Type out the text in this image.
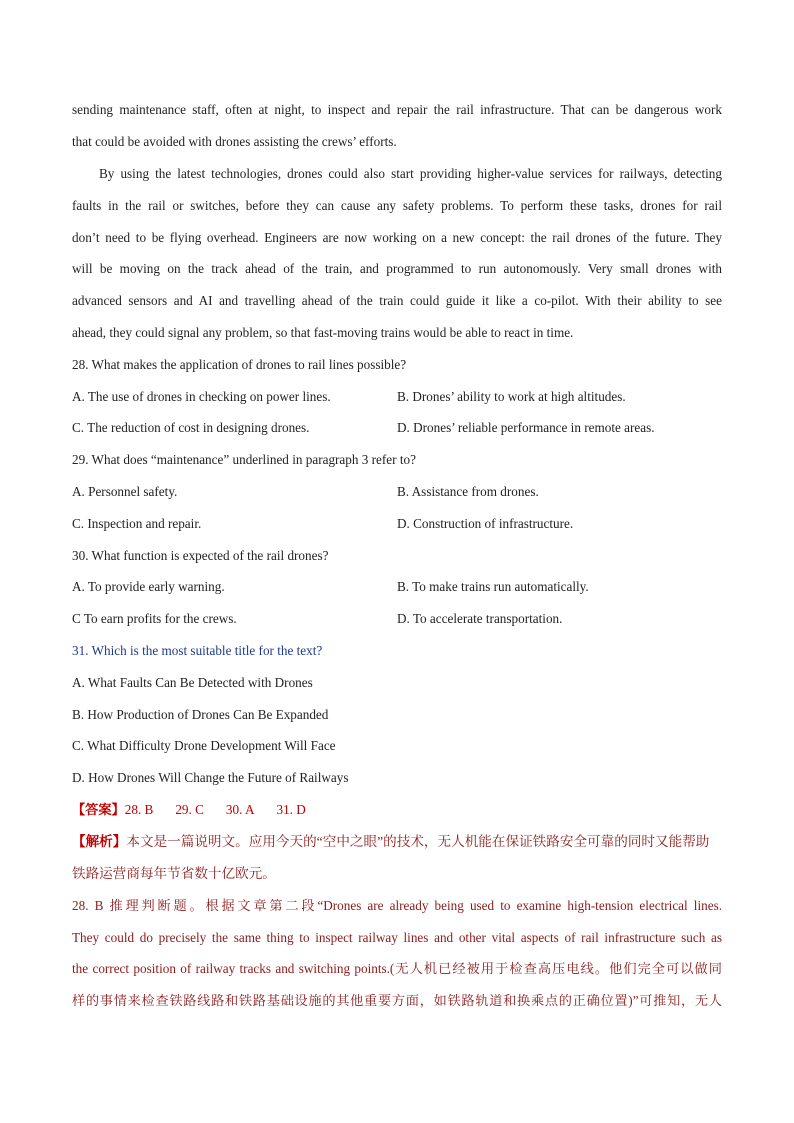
sending maintenance staff, often at night, to inspect and repair the rail infrastructure. That can be dangerous work
that could be avoided with drones assisting the crews’ efforts.
By using the latest technologies, drones could also start providing higher-value services for railways, detecting
faults in the rail or switches, before they can cause any safety problems. To perform these tasks, drones for rail
don’t need to be flying overhead. Engineers are now working on a new concept: the rail drones of the future. They
will be moving on the track ahead of the train, and programmed to run autonomously. Very small drones with
advanced sensors and AI and travelling ahead of the train could guide it like a co-pilot. With their ability to see
ahead, they could signal any problem, so that fast-moving trains would be able to react in time.
28. What makes the application of drones to rail lines possible?
A. The use of drones in checking on power lines.	B. Drones’ ability to work at high altitudes.
C. The reduction of cost in designing drones.	D. Drones’ reliable performance in remote areas.
29. What does “maintenance” underlined in paragraph 3 refer to?
A. Personnel safety.	B. Assistance from drones.
C. Inspection and repair.	D. Construction of infrastructure.
30. What function is expected of the rail drones?
A. To provide early warning.	B. To make trains run automatically.
C To earn profits for the crews.	D. To accelerate transportation.
31. Which is the most suitable title for the text?
A. What Faults Can Be Detected with Drones
B. How Production of Drones Can Be Expanded
C. What Difficulty Drone Development Will Face
D. How Drones Will Change the Future of Railways
【答案】28. B 29. C 30. A 31. D
【解析】本文是一篇说明文。应用今天的“空中之眼”的技术，无人机能在保证铁路安全可靠的同时又能帮助
铁路运营商每年节省数十亿欧元。
28. B 推理判断题。根据文章第二段“Drones are already being used to examine high-tension electrical lines.
They could do precisely the same thing to inspect railway lines and other vital aspects of rail infrastructure such as
the correct position of railway tracks and switching points.(无人机已经被用于检查高压电线。他们完全可以做同
样的事情来检查铁路线路和铁路基础设施的其他重要方面，如铁路轨道和换乘点的正确位置)”可推知，无人
